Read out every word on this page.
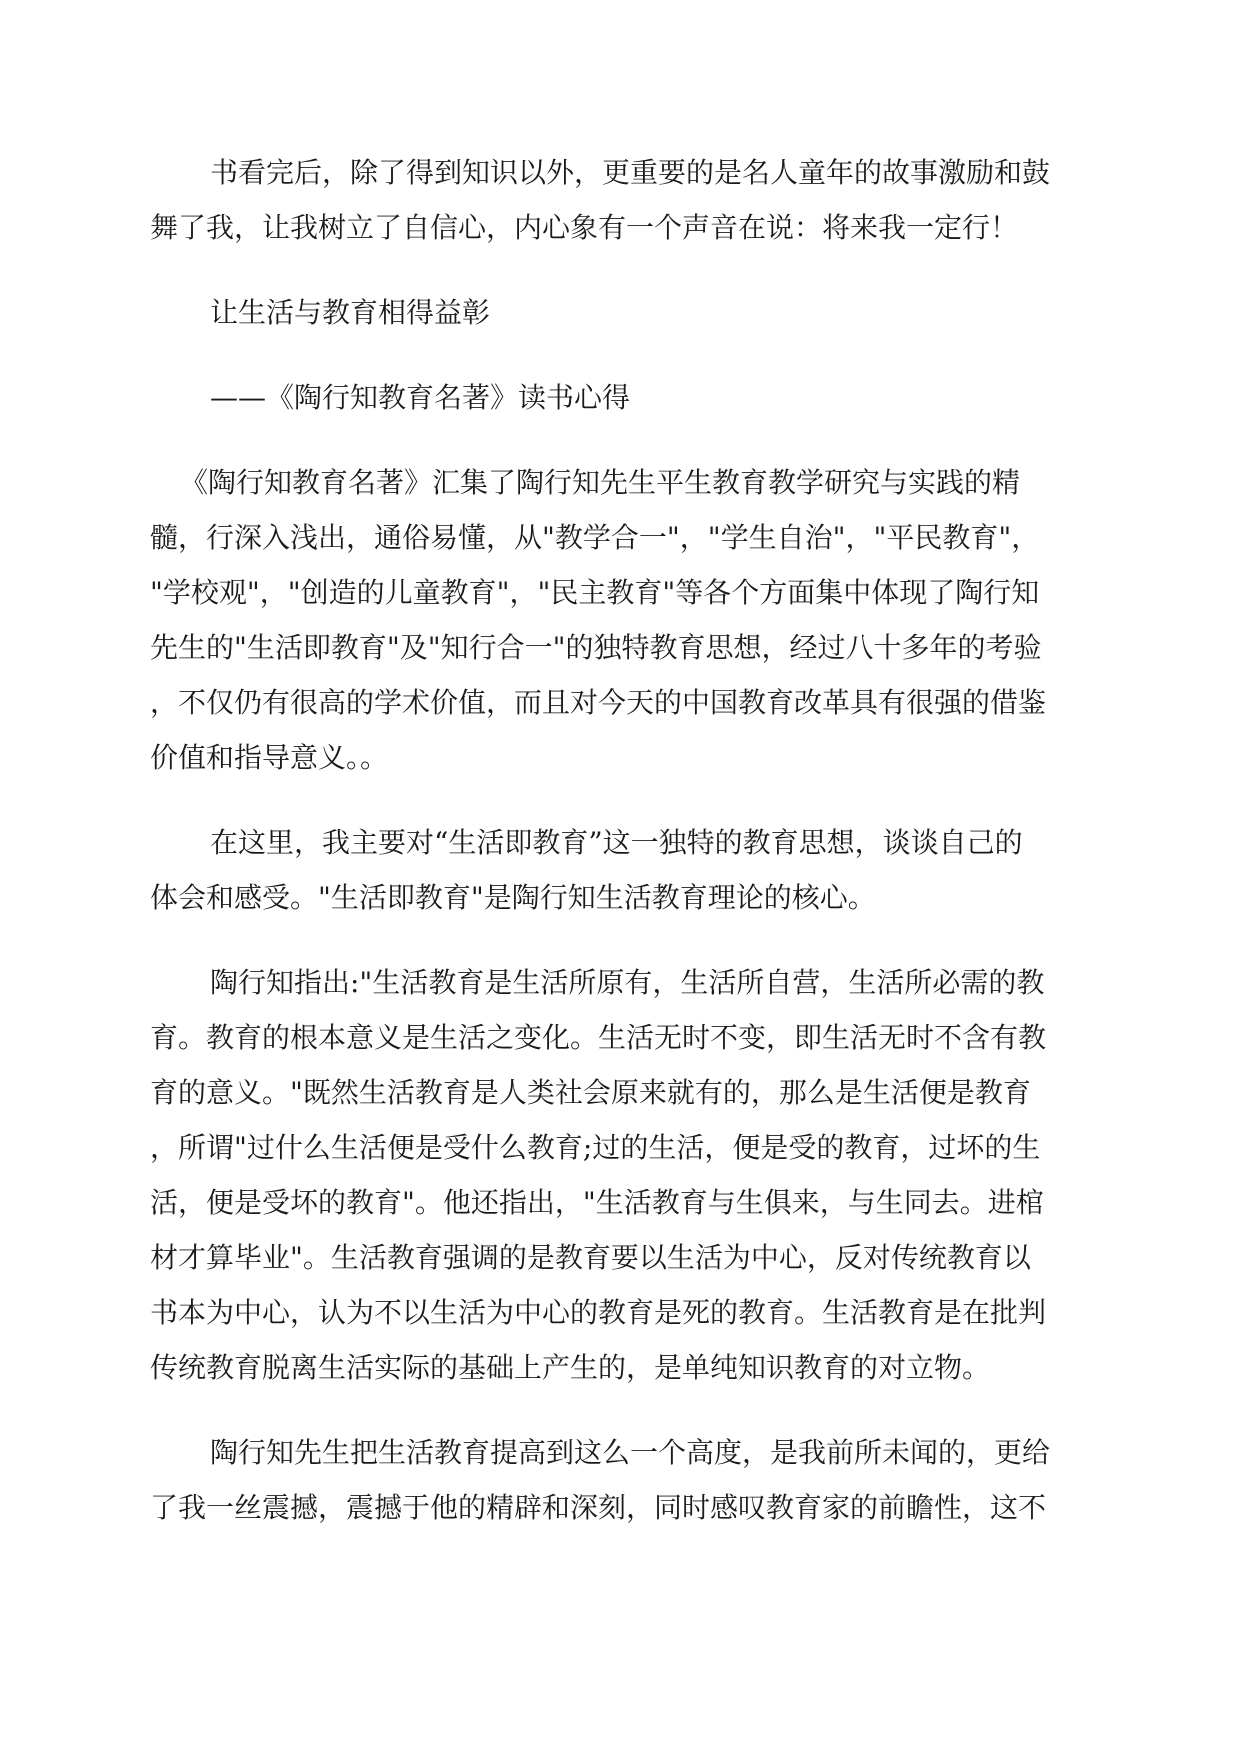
书看完后，除了得到知识以外，更重要的是名人童年的故事激励和鼓
舞了我，让我树立了自信心，内心象有一个声音在说：将来我一定行！
让生活与教育相得益彰
——《陶行知教育名著》读书心得
《陶行知教育名著》汇集了陶行知先生平生教育教学研究与实践的精
髓，行深入浅出，通俗易懂，从"教学合一"，"学生自治"，"平民教育"，
"学校观"，"创造的儿童教育"，"民主教育"等各个方面集中体现了陶行知
先生的"生活即教育"及"知行合一"的独特教育思想，经过八十多年的考验
，不仅仍有很高的学术价值，而且对今天的中国教育改革具有很强的借鉴
价值和指导意义。。
在这里，我主要对“生活即教育”这一独特的教育思想，谈谈自己的
体会和感受。"生活即教育"是陶行知生活教育理论的核心。
陶行知指出:"生活教育是生活所原有，生活所自营，生活所必需的教
育。教育的根本意义是生活之变化。生活无时不变，即生活无时不含有教
育的意义。"既然生活教育是人类社会原来就有的，那么是生活便是教育
，所谓"过什么生活便是受什么教育;过的生活，便是受的教育，过坏的生
活，便是受坏的教育"。他还指出，"生活教育与生俱来，与生同去。进棺
材才算毕业"。生活教育强调的是教育要以生活为中心，反对传统教育以
书本为中心，认为不以生活为中心的教育是死的教育。生活教育是在批判
传统教育脱离生活实际的基础上产生的，是单纯知识教育的对立物。
陶行知先生把生活教育提高到这么一个高度，是我前所未闻的，更给
了我一丝震撼，震撼于他的精辟和深刻，同时感叹教育家的前瞻性，这不
